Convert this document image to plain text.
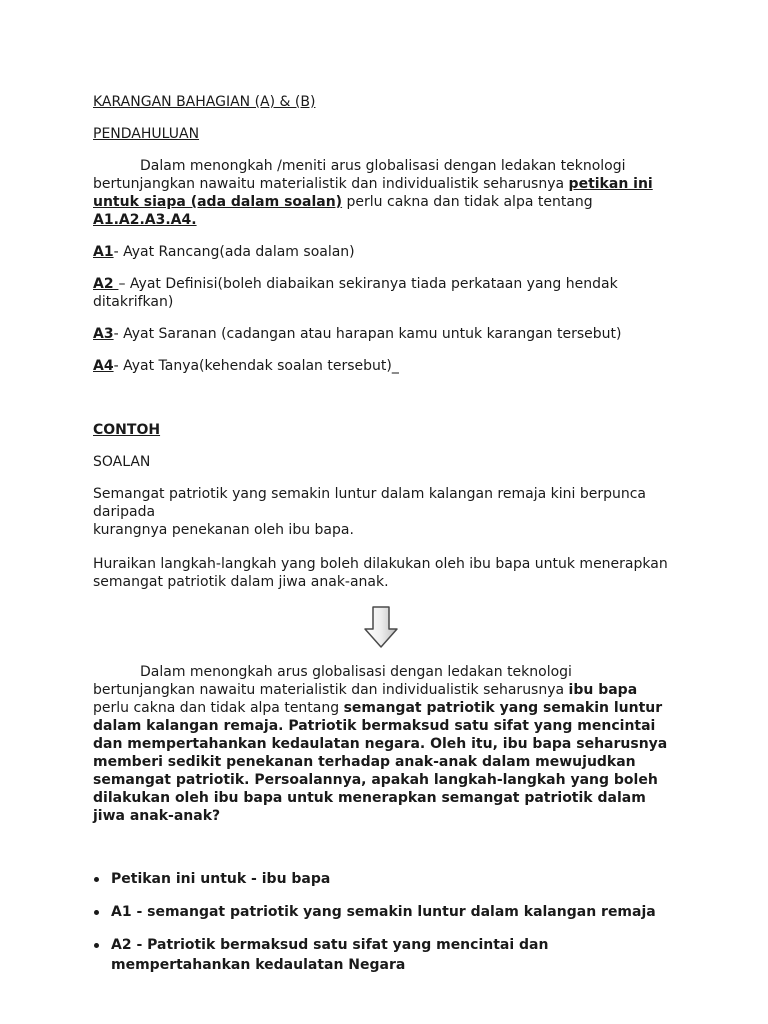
KARANGAN BAHAGIAN (A) & (B)

PENDAHULUAN

Dalam menongkah /meniti arus globalisasi dengan ledakan teknologi bertunjangkan nawaitu materialistik dan individualistik seharusnya petikan ini untuk siapa (ada dalam soalan) perlu cakna dan tidak alpa tentang A1.A2.A3.A4.

A1- Ayat Rancang(ada dalam soalan)

A2 – Ayat Definisi(boleh diabaikan sekiranya tiada perkataan yang hendak ditakrifkan)

A3- Ayat Saranan (cadangan atau harapan kamu untuk karangan tersebut)

A4- Ayat Tanya(kehendak soalan tersebut)_

CONTOH

SOALAN

Semangat patriotik yang semakin luntur dalam kalangan remaja kini berpunca daripada

kurangnya penekanan oleh ibu bapa.

Huraikan langkah-langkah yang boleh dilakukan oleh ibu bapa untuk menerapkan

semangat patriotik dalam jiwa anak-anak.

Dalam menongkah arus globalisasi dengan ledakan teknologi bertunjangkan nawaitu materialistik dan individualistik seharusnya ibu bapa perlu cakna dan tidak alpa tentang semangat patriotik yang semakin luntur dalam kalangan remaja. Patriotik bermaksud satu sifat yang mencintai dan mempertahankan kedaulatan negara. Oleh itu, ibu bapa seharusnya memberi sedikit penekanan terhadap anak-anak dalam mewujudkan semangat patriotik. Persoalannya, apakah langkah-langkah yang boleh dilakukan oleh ibu bapa untuk menerapkan semangat patriotik dalam jiwa anak-anak?

Petikan ini untuk - ibu bapa
A1 - semangat patriotik yang semakin luntur dalam kalangan remaja
A2 - Patriotik bermaksud satu sifat yang mencintai dan mempertahankan kedaulatan Negara
